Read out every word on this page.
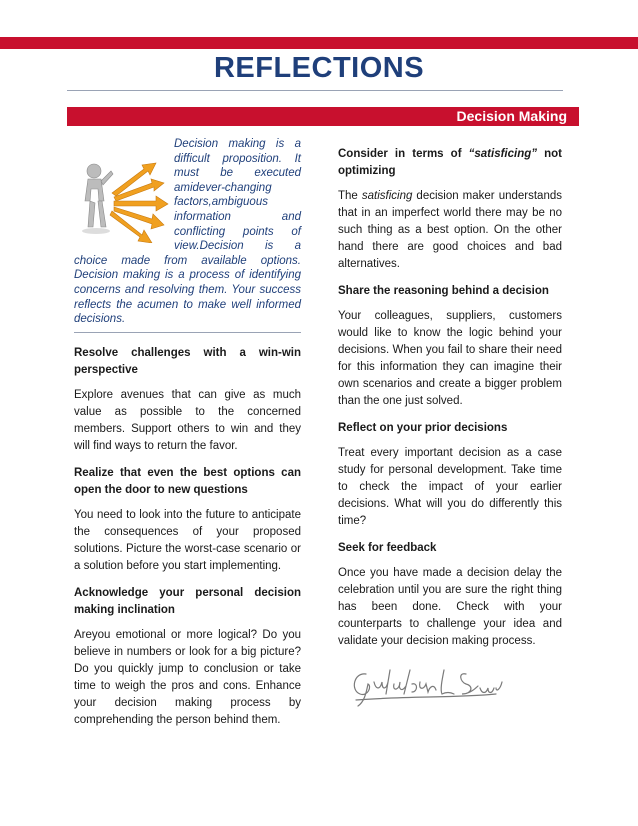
REFLECTIONS
Decision Making
Decision making is a difficult proposition. It must be executed amidever-changing factors,ambiguous information and conflicting points of view.Decision is a choice made from available options. Decision making is a process of identifying concerns and resolving them. Your success reflects the acumen to make well informed decisions.
Resolve challenges with a win-win perspective
Explore avenues that can give as much value as possible to the concerned members. Support others to win and they will find ways to return the favor.
Realize that even the best options can open the door to new questions
You need to look into the future to anticipate the consequences of your proposed solutions. Picture the worst-case scenario or a solution before you start implementing.
Acknowledge your personal decision making inclination
Areyou emotional or more logical? Do you believe in numbers or look for a big picture? Do you quickly jump to conclusion or take time to weigh the pros and cons. Enhance your decision making process by comprehending the person behind them.
Consider in terms of “satisficing” not optimizing
The satisficing decision maker understands that in an imperfect world there may be no such thing as a best option. On the other hand there are good choices and bad alternatives.
Share the reasoning behind a decision
Your colleagues, suppliers, customers would like to know the logic behind your decisions. When you fail to share their need for this information they can imagine their own scenarios and create a bigger problem than the one just solved.
Reflect on your prior decisions
Treat every important decision as a case study for personal development. Take time to check the impact of your earlier decisions. What will you do differently this time?
Seek for feedback
Once you have made a decision delay the celebration until you are sure the right thing has been done. Check with your counterparts to challenge your idea and validate your decision making process.
